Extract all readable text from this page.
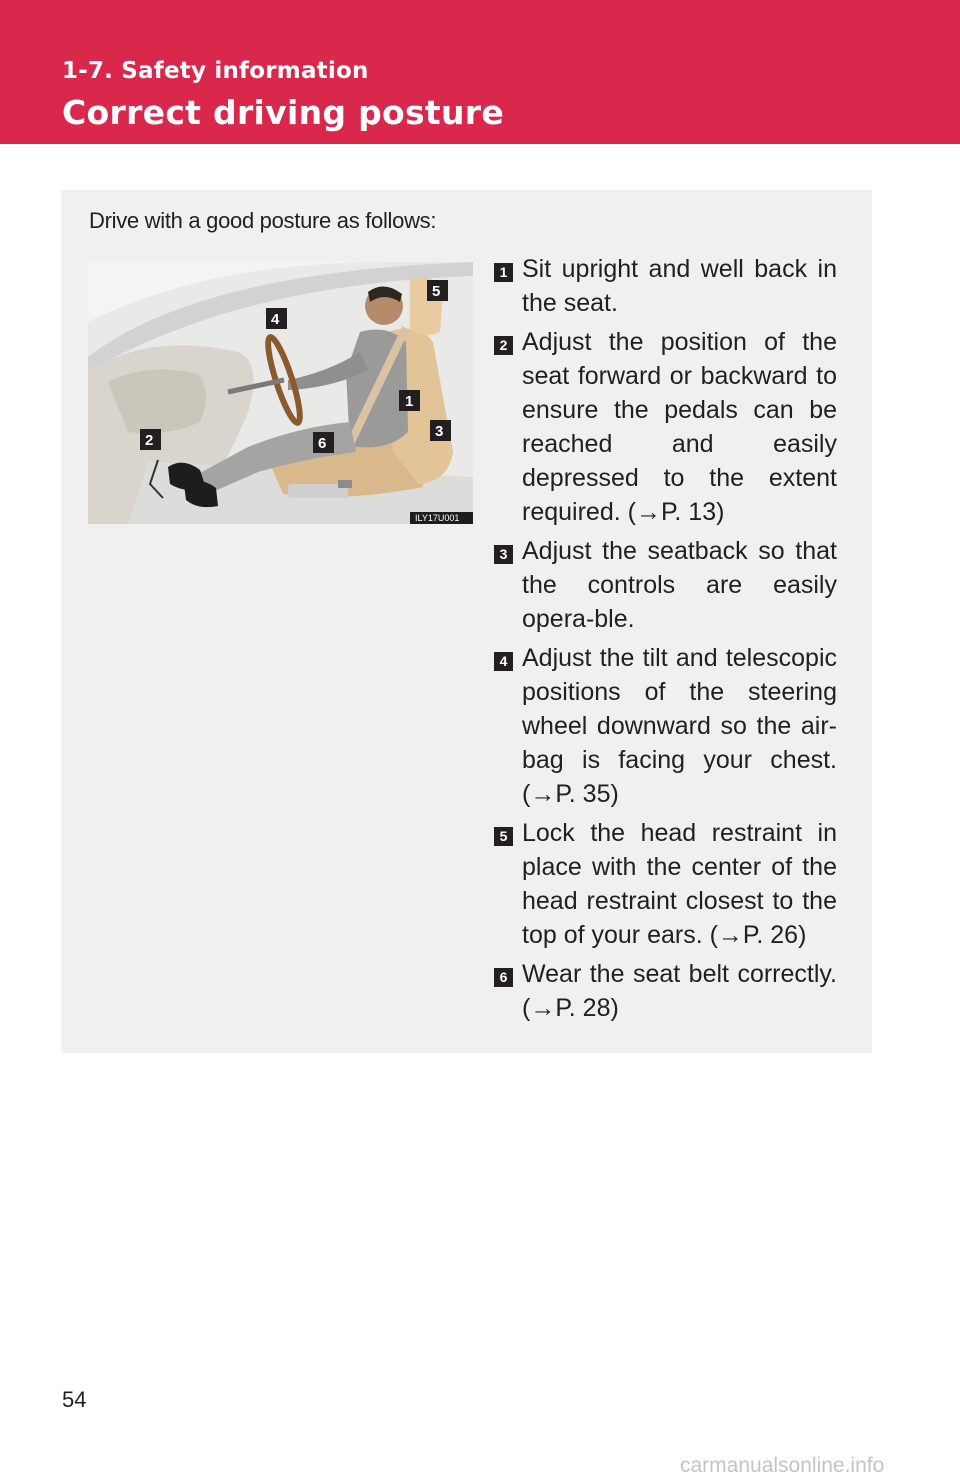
1-7. Safety information
Correct driving posture
Drive with a good posture as follows:
5
4
1
3
2	6
ILY17U001
1 Sit upright and well back in the seat.
2 Adjust the position of the seat forward or backward to ensure the pedals can be reached and easily depressed to the extent required. (→P. 13)
3 Adjust the seatback so that the controls are easily opera-ble.
4 Adjust the tilt and telescopic positions of the steering wheel downward so the air-bag is facing your chest. (→P. 35)
5 Lock the head restraint in place with the center of the head restraint closest to the top of your ears. (→P. 26)
6 Wear the seat belt correctly. (→P. 28)
54
carmanualsonline.info
